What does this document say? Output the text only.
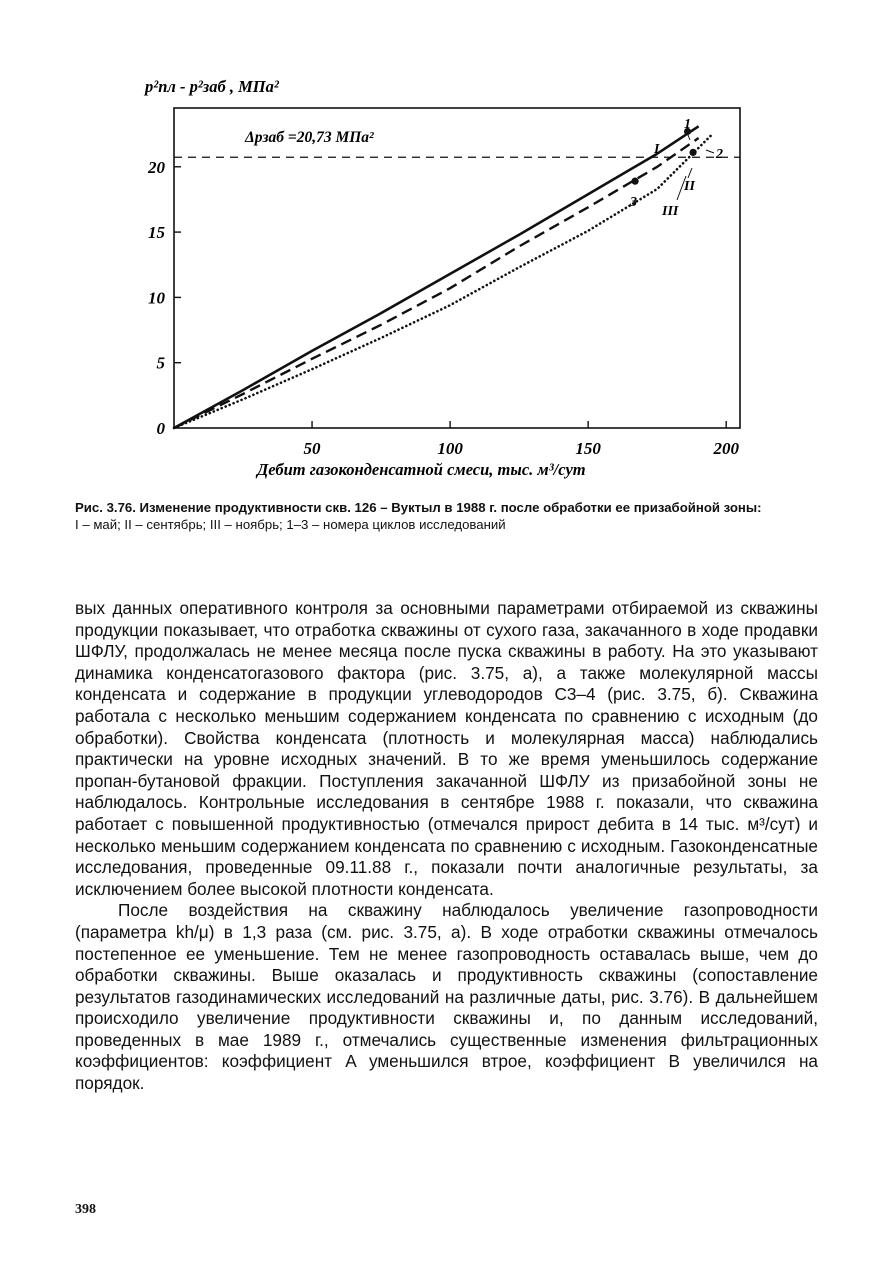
p²пл - p²заб , МПа²
Дебит газоконденсатной смеси, тыс. м³/сут
Δpзаб =20,73 МПа²
50	100	150	200
0
5
10
15
20
1
2
3
I
II
III
Рис. 3.76. Изменение продуктивности скв. 126 – Вуктыл в 1988 г. после обработки ее призабойной зоны:
I – май; II – сентябрь; III – ноябрь; 1–3 – номера циклов исследований

вых данных оперативного контроля за основными параметрами отбираемой из скважины продукции показывает, что отработка скважины от сухого газа, закачанного в ходе продавки ШФЛУ, продолжалась не менее месяца после пуска скважины в работу. На это указывают динамика конденсатогазового фактора (рис. 3.75, а), а также молекулярной массы конденсата и содержание в продукции углеводородов С3–4 (рис. 3.75, б). Скважина работала с несколько меньшим содержанием конденсата по сравнению с исходным (до обработки). Свойства конденсата (плотность и молекулярная масса) наблюдались практически на уровне исходных значений. В то же время уменьшилось содержание пропан-бутановой фракции. Поступления закачанной ШФЛУ из призабойной зоны не наблюдалось. Контрольные исследования в сентябре 1988 г. показали, что скважина работает с повышенной продуктивностью (отмечался прирост дебита в 14 тыс. м³/сут) и несколько меньшим содержанием конденсата по сравнению с исходным. Газоконденсатные исследования, проведенные 09.11.88 г., показали почти аналогичные результаты, за исключением более высокой плотности конденсата.

После воздействия на скважину наблюдалось увеличение газопроводности (параметра kh/μ) в 1,3 раза (см. рис. 3.75, а). В ходе отработки скважины отмечалось постепенное ее уменьшение. Тем не менее газопроводность оставалась выше, чем до обработки скважины. Выше оказалась и продуктивность скважины (сопоставление результатов газодинамических исследований на различные даты, рис. 3.76). В дальнейшем происходило увеличение продуктивности скважины и, по данным исследований, проведенных в мае 1989 г., отмечались существенные изменения фильтрационных коэффициентов: коэффициент A уменьшился втрое, коэффициент B увеличился на порядок.

398
